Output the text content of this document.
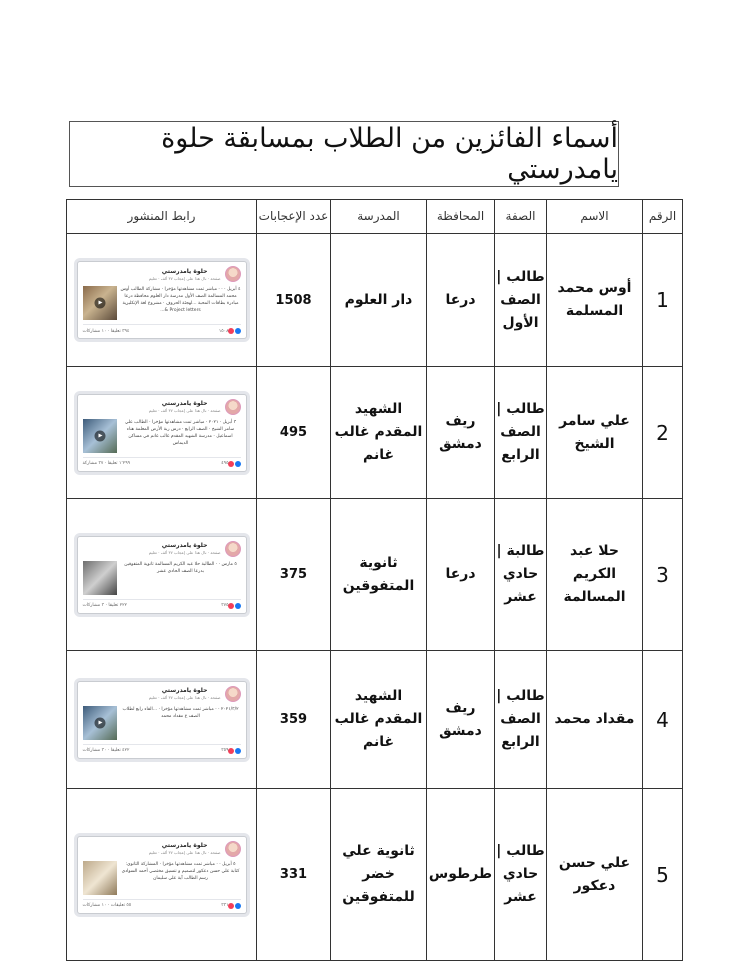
أسماء الفائزين من الطلاب بمسابقة حلوة يامدرستي
الرقم	الاسم	الصفة	المحافظة	المدرسة	عدد الإعجابات	رابط المنشور
1	أوس محمد المسلمة	طالب | الصف الأول	درعا	دار العلوم	1508	حلوة يامدرستي
صفحة · نال هذا على إعجاب ٣٧ ألف · تعليم
٤ أبريل · · · مباشر تمت مشاهدتها مؤخرا · مشاركة الطالب أوس محمد المسالمة الصف الأول مدرسة دار العلوم محافظة درعا مبادرة بطاقات المحبة ...لهجئة الحروف · مشروع لغة الإنكليزية Project letters &...
١٥٠٨
٣٩٤ تعليقا · ١٠ مشاركات

2	علي سامر الشيخ	طالب | الصف الرابع	ريف دمشق	الشهيد المقدم غالب غانم	495	حلوة يامدرستي
صفحة · نال هذا على إعجاب ٣٧ ألف · تعليم
٣ أبريل · ٢٠٢١ · مباشر تمت مشاهدتها مؤخرا · الطالب علي سامر الشيخ · الصف الرابع · درس ربة الأرض المعلمة هناء اسماعيل · مدرسة الشهيد المقدم غالب غانم في مساكن الديماس
٤٩٥
١٬٢٩٩ تعليقا · ٣٧ مشاركة

3	حلا عبد الكريم المسالمة	طالبة | حادي عشر	درعا	ثانوية المتفوقين	375	حلوة يامدرستي
صفحة · نال هذا على إعجاب ٣٧ ألف · تعليم
٥ مارس · · الطالبة حلا عبد الكريم المسالمة ثانوية المتفوقين بدرعا الصف الحادي عشر
٣٧٥
٢٢٢ تعليقا · ٣ مشاركات

4	مقداد محمد	طالب | الصف الرابع	ريف دمشق	الشهيد المقدم غالب غانم	359	حلوة يامدرستي
صفحة · نال هذا على إعجاب ٣٧ ألف · تعليم
٢٠٢١/٣/٢ · · مباشر تمت مشاهدتها مؤخرا · ...الفاء رابع لطلاب الصف ع مقداد محمد
٣٥٩
٤٢٢ تعليقا · ٣٠ مشاركات

5	علي حسن دعكور	طالب | حادي عشر	طرطوس	ثانوية علي خضر للمتفوقين	331	حلوة يامدرستي
صفحة · نال هذا على إعجاب ٣٧ ألف · تعليم
٥ أبريل · · مباشر تمت مشاهدتها مؤخرا · المشاركة الثانوي: كتابة علي حسن دعكور لتصميم و تنسيق مختصي أحمد السوادي رسم الطالب آية علي سليمان
٣٣١
٥٥ تعليقات · ١٠ مشاركات
